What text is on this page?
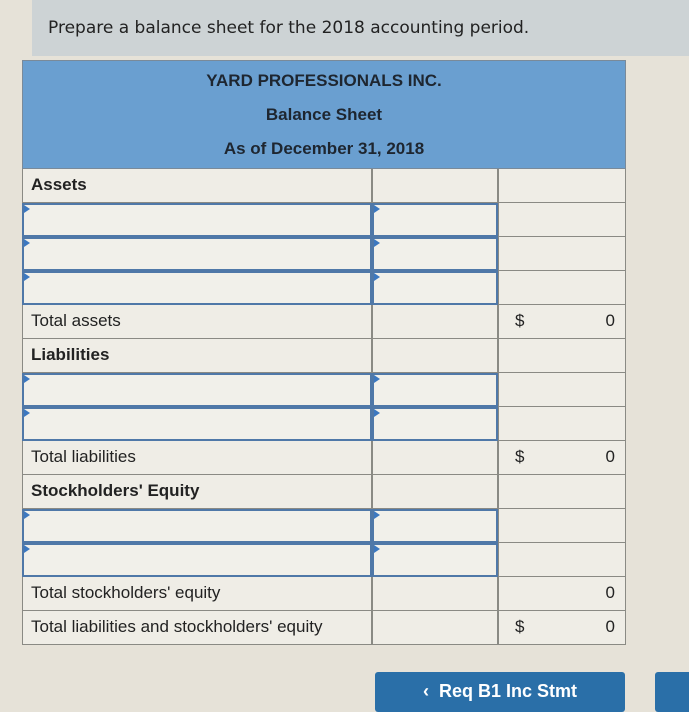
Prepare a balance sheet for the 2018 accounting period.
YARD PROFESSIONALS INC.
Balance Sheet
As of December 31, 2018
Assets
Total assets	$	0
Liabilities
Total liabilities	$	0
Stockholders' Equity
Total stockholders' equity	0
Total liabilities and stockholders' equity	$	0
‹  Req B1 Inc Stmt
